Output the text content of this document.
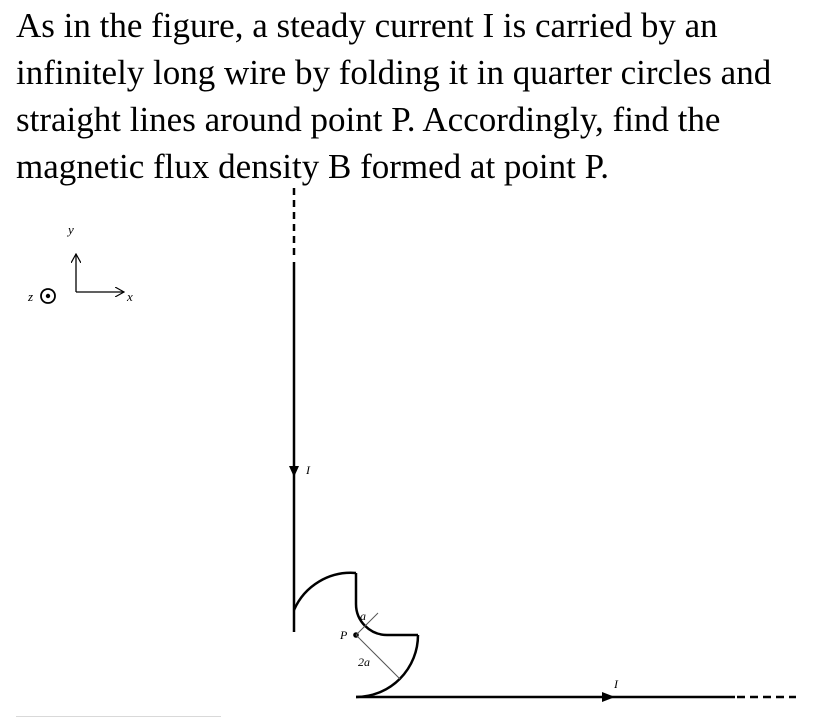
As in the figure, a steady current I is carried by an
infinitely long wire by folding it in quarter circles and
straight lines around point P. Accordingly, find the
magnetic flux density B formed at point P.
z
y
x
I
I
P
a
2a
